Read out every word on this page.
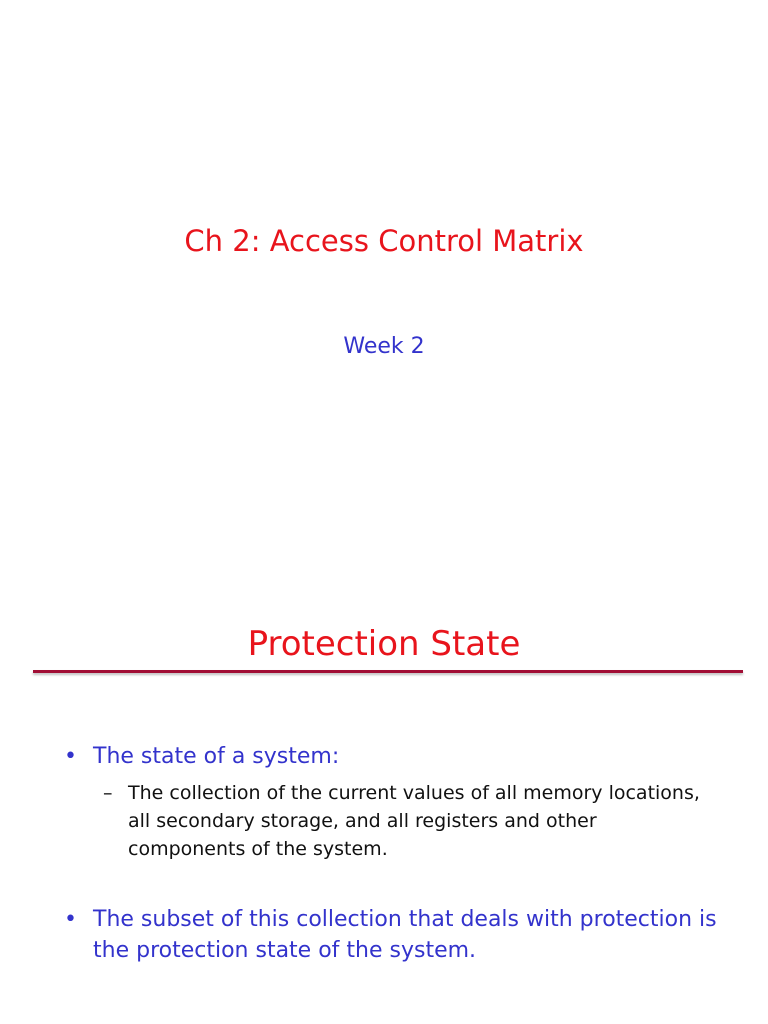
Ch 2: Access Control Matrix
Week 2
Protection State
• The state of a system:
– The collection of the current values of all memory locations, all secondary storage, and all registers and other components of the system.
• The subset of this collection that deals with protection is the protection state of the system.
